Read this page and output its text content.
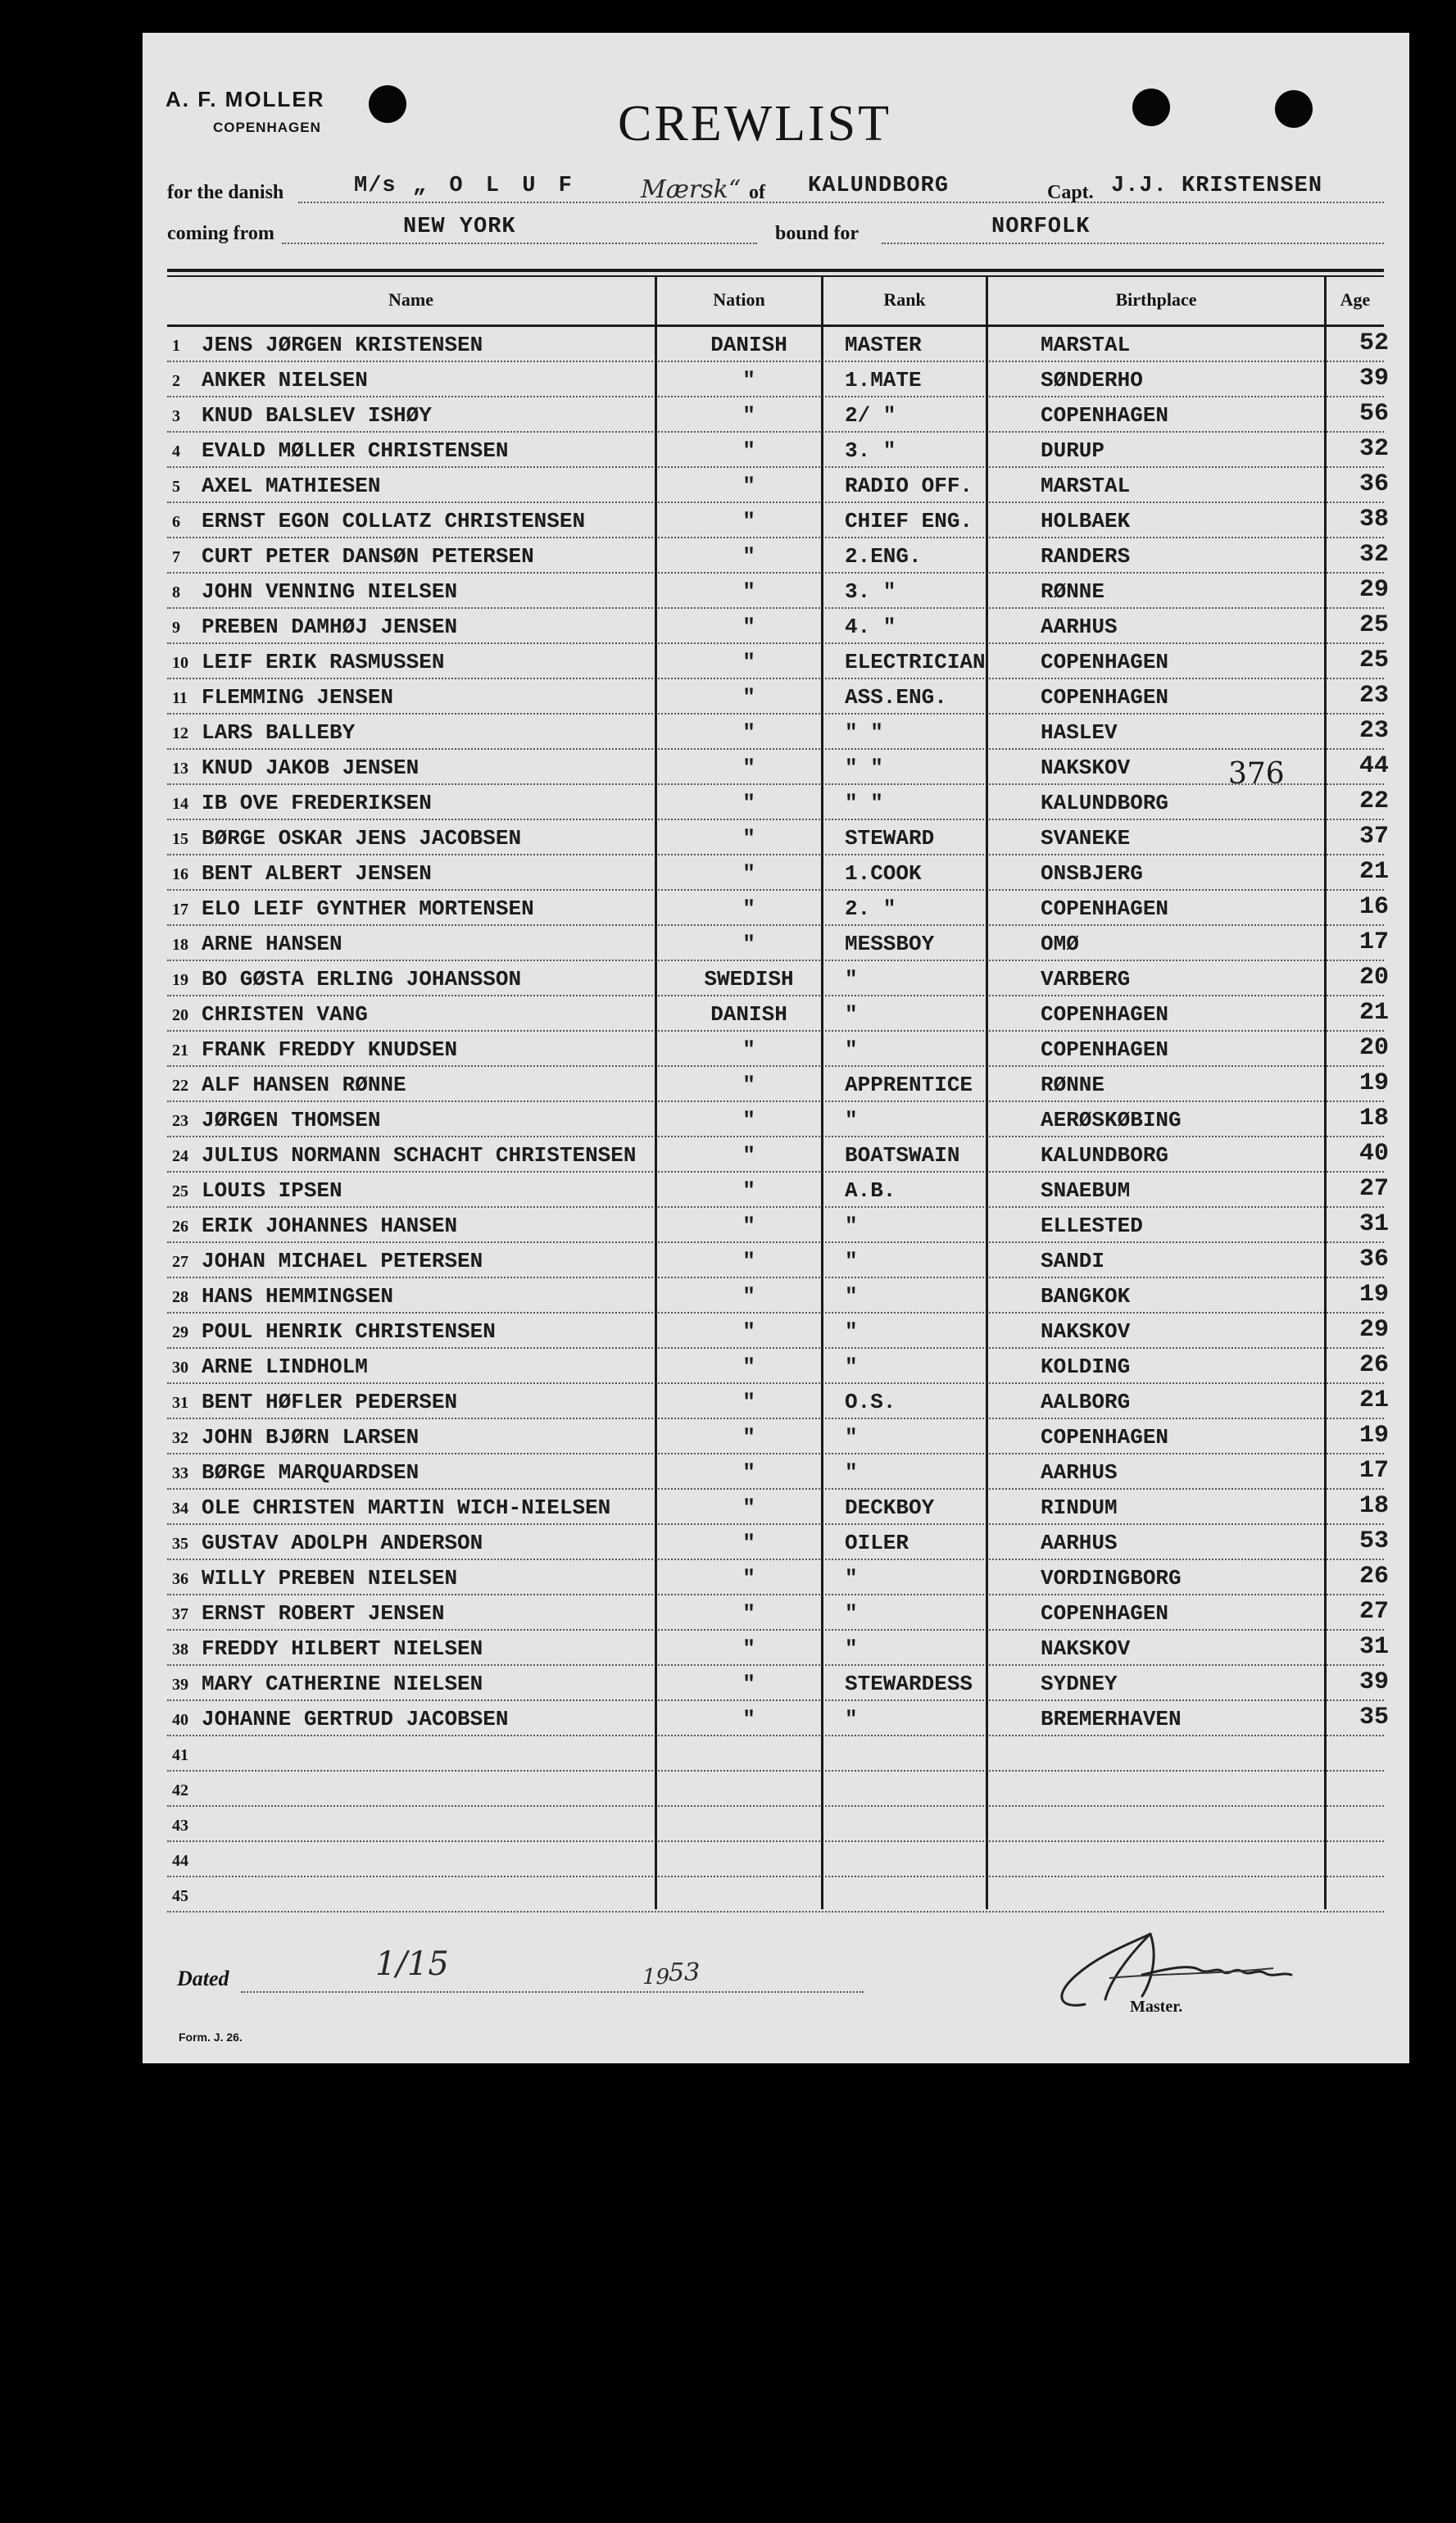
A. F. MOLLER
COPENHAGEN	CREWLIST
for the danish	M/s „ O L U F	Mærsk“ of KALUNDBORG	Capt. J.J. KRISTENSEN
coming from	NEW YORK	bound for	NORFOLK
Name	Nation	Rank	Birthplace	Age
1	JENS JØRGEN KRISTENSEN	DANISH	MASTER	MARSTAL	52
2	ANKER NIELSEN	"	1.MATE	SØNDERHO	39
3	KNUD BALSLEV ISHØY	"	2/ "	COPENHAGEN	56
4	EVALD MØLLER CHRISTENSEN	"	3. "	DURUP	32
5	AXEL MATHIESEN	"	RADIO OFF.	MARSTAL	36
6	ERNST EGON COLLATZ CHRISTENSEN	"	CHIEF ENG.	HOLBAEK	38
7	CURT PETER DANSØN PETERSEN	"	2.ENG.	RANDERS	32
8	JOHN VENNING NIELSEN	"	3. "	RØNNE	29
9	PREBEN DAMHØJ JENSEN	"	4. "	AARHUS	25
10 LEIF ERIK RASMUSSEN	"	ELECTRICIAN	COPENHAGEN	25
11 FLEMMING JENSEN	"	ASS.ENG.	COPENHAGEN	23
12 LARS BALLEBY	"	" "	HASLEV	23
13 KNUD JAKOB JENSEN	"	" "	NAKSKOV	44
14 IB OVE FREDERIKSEN	"	" "	KALUNDBORG	22
15 BØRGE OSKAR JENS JACOBSEN	"	STEWARD	SVANEKE	37
16 BENT ALBERT JENSEN	"	1.COOK	ONSBJERG	21
17 ELO LEIF GYNTHER MORTENSEN	"	2. "	COPENHAGEN	16
18 ARNE HANSEN	"	MESSBOY	OMØ	17
19 BO GØSTA ERLING JOHANSSON	SWEDISH	"	VARBERG	20
20 CHRISTEN VANG	DANISH	"	COPENHAGEN	21
21 FRANK FREDDY KNUDSEN	"	"	COPENHAGEN	20
22 ALF HANSEN RØNNE	"	APPRENTICE	RØNNE	19
23 JØRGEN THOMSEN	"	"	AERØSKØBING	18
24 JULIUS NORMANN SCHACHT CHRISTENSEN	"	BOATSWAIN	KALUNDBORG	40
25 LOUIS IPSEN	"	A.B.	SNAEBUM	27
26 ERIK JOHANNES HANSEN	"	"	ELLESTED	31
27 JOHAN MICHAEL PETERSEN	"	"	SANDI	36
28 HANS HEMMINGSEN	"	"	BANGKOK	19
29 POUL HENRIK CHRISTENSEN	"	"	NAKSKOV	29
30 ARNE LINDHOLM	"	"	KOLDING	26
31 BENT HØFLER PEDERSEN	"	O.S.	AALBORG	21
32 JOHN BJØRN LARSEN	"	"	COPENHAGEN	19
33 BØRGE MARQUARDSEN	"	"	AARHUS	17
34 OLE CHRISTEN MARTIN WICH-NIELSEN	"	DECKBOY	RINDUM	18
35 GUSTAV ADOLPH ANDERSON	"	OILER	AARHUS	53
36 WILLY PREBEN NIELSEN	"	"	VORDINGBORG	26
37 ERNST ROBERT JENSEN	"	"	COPENHAGEN	27
38 FREDDY HILBERT NIELSEN	"	"	NAKSKOV	31
39 MARY CATHERINE NIELSEN	"	STEWARDESS	SYDNEY	39
40 JOHANNE GERTRUD JACOBSEN	"	"	BREMERHAVEN	35
41
42
43
44
45
376
Dated	1/15	19
53
Master.
Form. J. 26.
